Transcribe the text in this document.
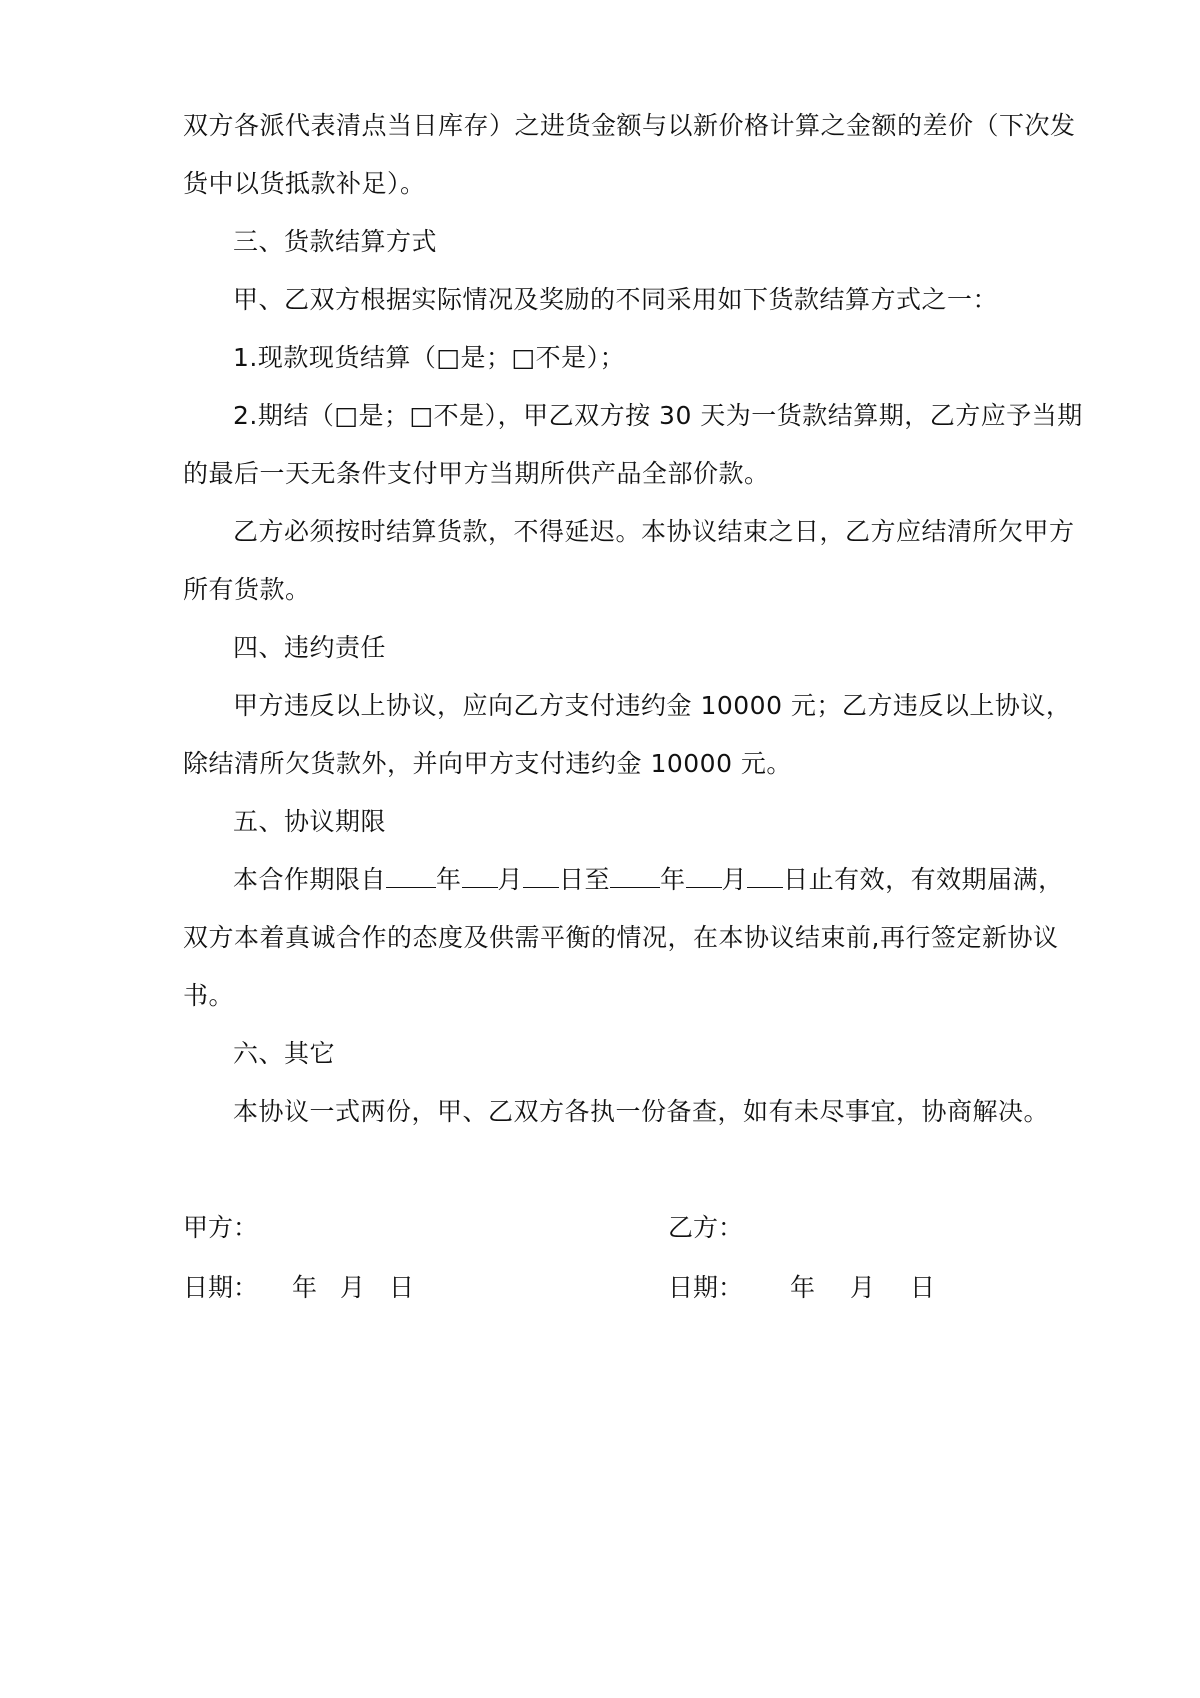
双方各派代表清点当日库存）之进货金额与以新价格计算之金额的差价（下次发
货中以货抵款补足）。
三、货款结算方式
甲、乙双方根据实际情况及奖励的不同采用如下货款结算方式之一：
1.现款现货结算（□是；□不是）；
2.期结（□是；□不是），甲乙双方按 30 天为一货款结算期，乙方应予当期
的最后一天无条件支付甲方当期所供产品全部价款。
乙方必须按时结算货款，不得延迟。本协议结束之日，乙方应结清所欠甲方
所有货款。
四、违约责任
甲方违反以上协议，应向乙方支付违约金 10000 元；乙方违反以上协议，
除结清所欠货款外，并向甲方支付违约金 10000 元。
五、协议期限
本合作期限自 年 月 日至 年 月 日止有效，有效期届满，
双方本着真诚合作的态度及供需平衡的情况，在本协议结束前,再行签定新协议
书。
六、其它
本协议一式两份，甲、乙双方各执一份备查，如有未尽事宜，协商解决。
甲方：	乙方：
日期： 年 月 日	日期： 年 月 日
